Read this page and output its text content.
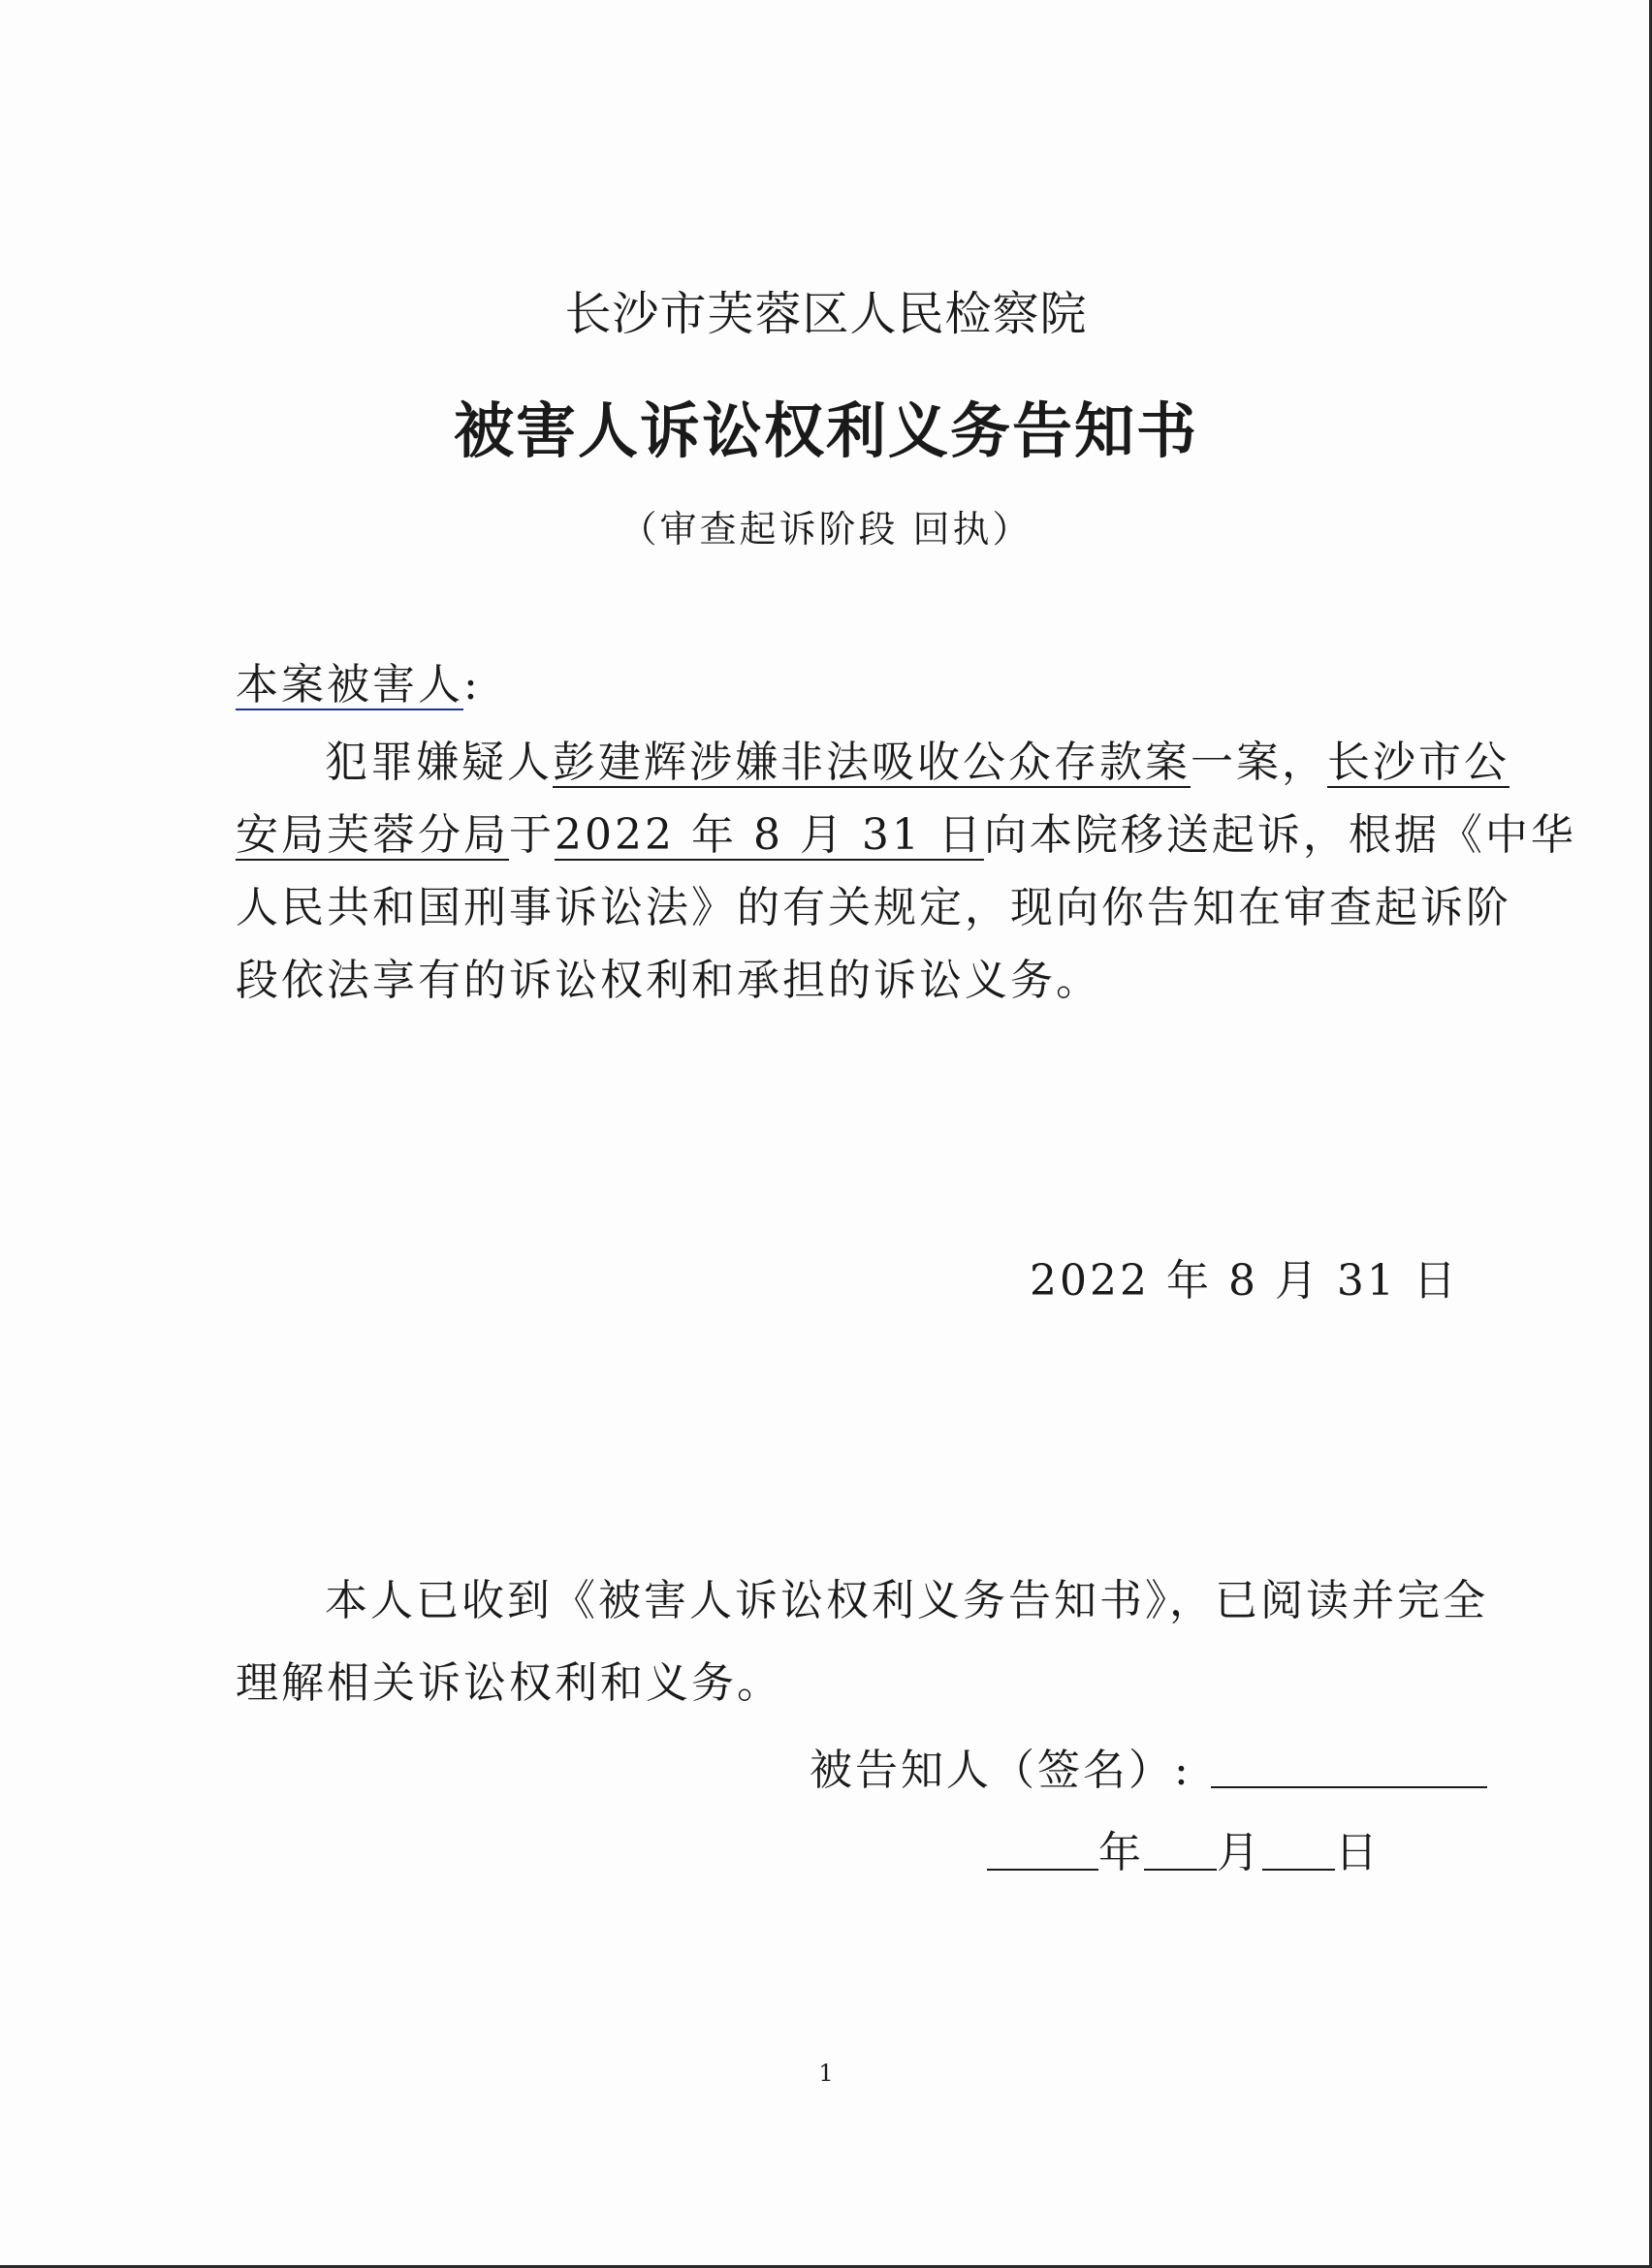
长沙市芙蓉区人民检察院
被害人诉讼权利义务告知书
（审查起诉阶段 回执）
本案被害人:
犯罪嫌疑人彭建辉涉嫌非法吸收公众存款案一案，长沙市公
安局芙蓉分局于2022 年 8 月 31 日向本院移送起诉，根据《中华
人民共和国刑事诉讼法》的有关规定，现向你告知在审查起诉阶
段依法享有的诉讼权利和承担的诉讼义务。
2022 年 8 月 31 日
本人已收到《被害人诉讼权利义务告知书》，已阅读并完全
理解相关诉讼权利和义务。
被告知人（签名）:
年 月 日
1
